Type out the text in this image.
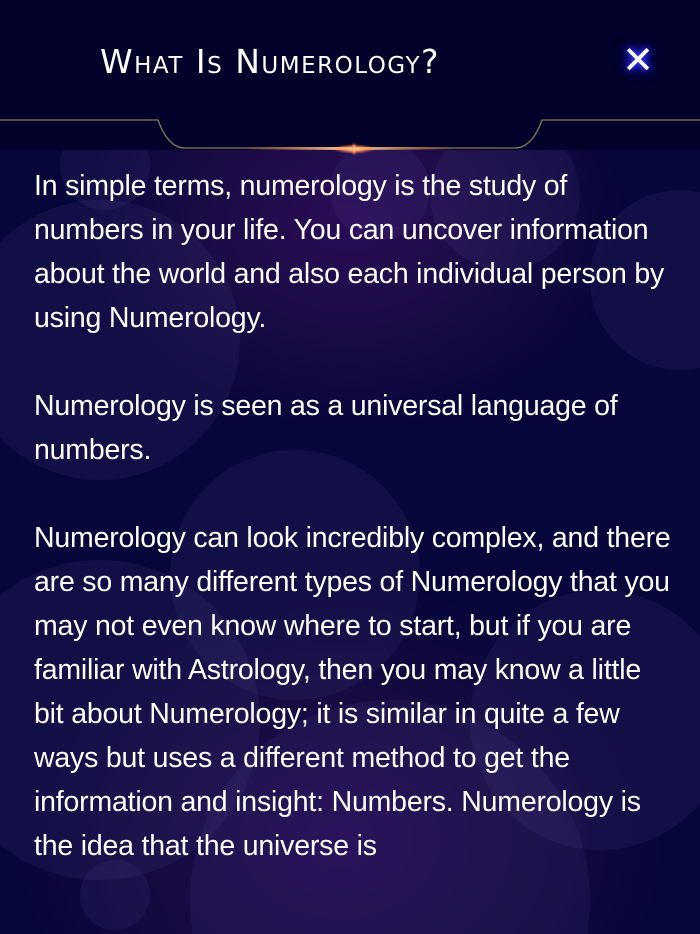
What Is Numerology?	✕

In simple terms, numerology is the study of numbers in your life. You can uncover information about the world and also each individual person by using Numerology.

Numerology is seen as a universal language of numbers.

Numerology can look incredibly complex, and there are so many different types of Numerology that you may not even know where to start, but if you are familiar with Astrology, then you may know a little bit about Numerology; it is similar in quite a few ways but uses a different method to get the information and insight: Numbers. Numerology is the idea that the universe is
